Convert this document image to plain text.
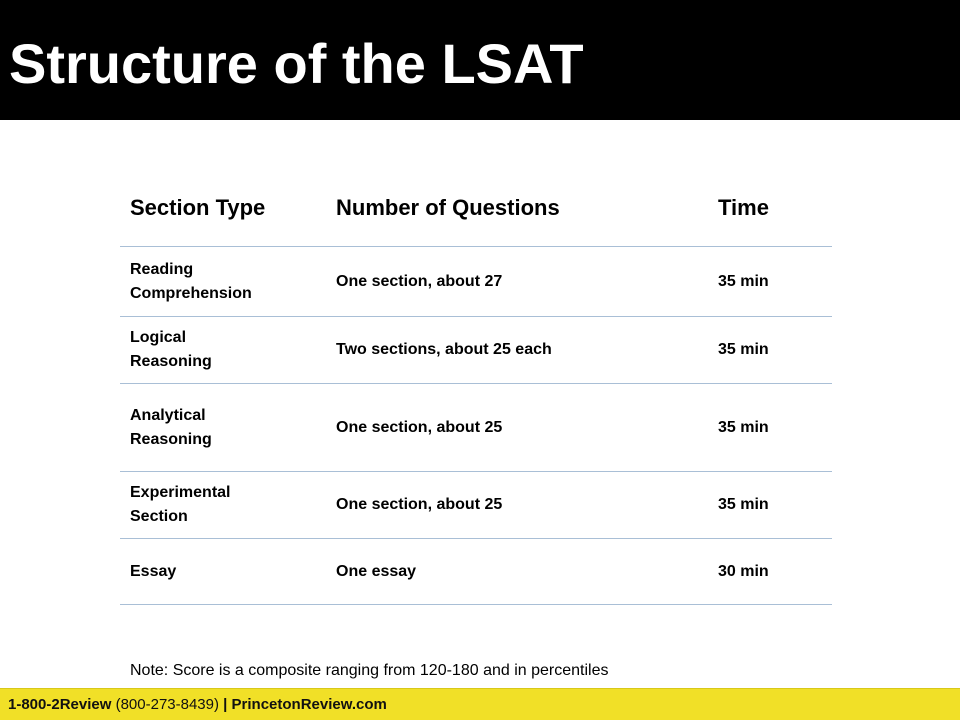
Structure of the LSAT
Section Type	Number of Questions	Time
Reading
Comprehension
One section, about 27	35 min
Logical
Reasoning
Two sections, about 25 each	35 min
Analytical
Reasoning
One section, about 25	35 min
Experimental
Section
One section, about 25	35 min
Essay	One essay	30 min
Note: Score is a composite ranging from 120-180 and in percentiles
1-800-2Review (800-273-8439) | PrincetonReview.com
